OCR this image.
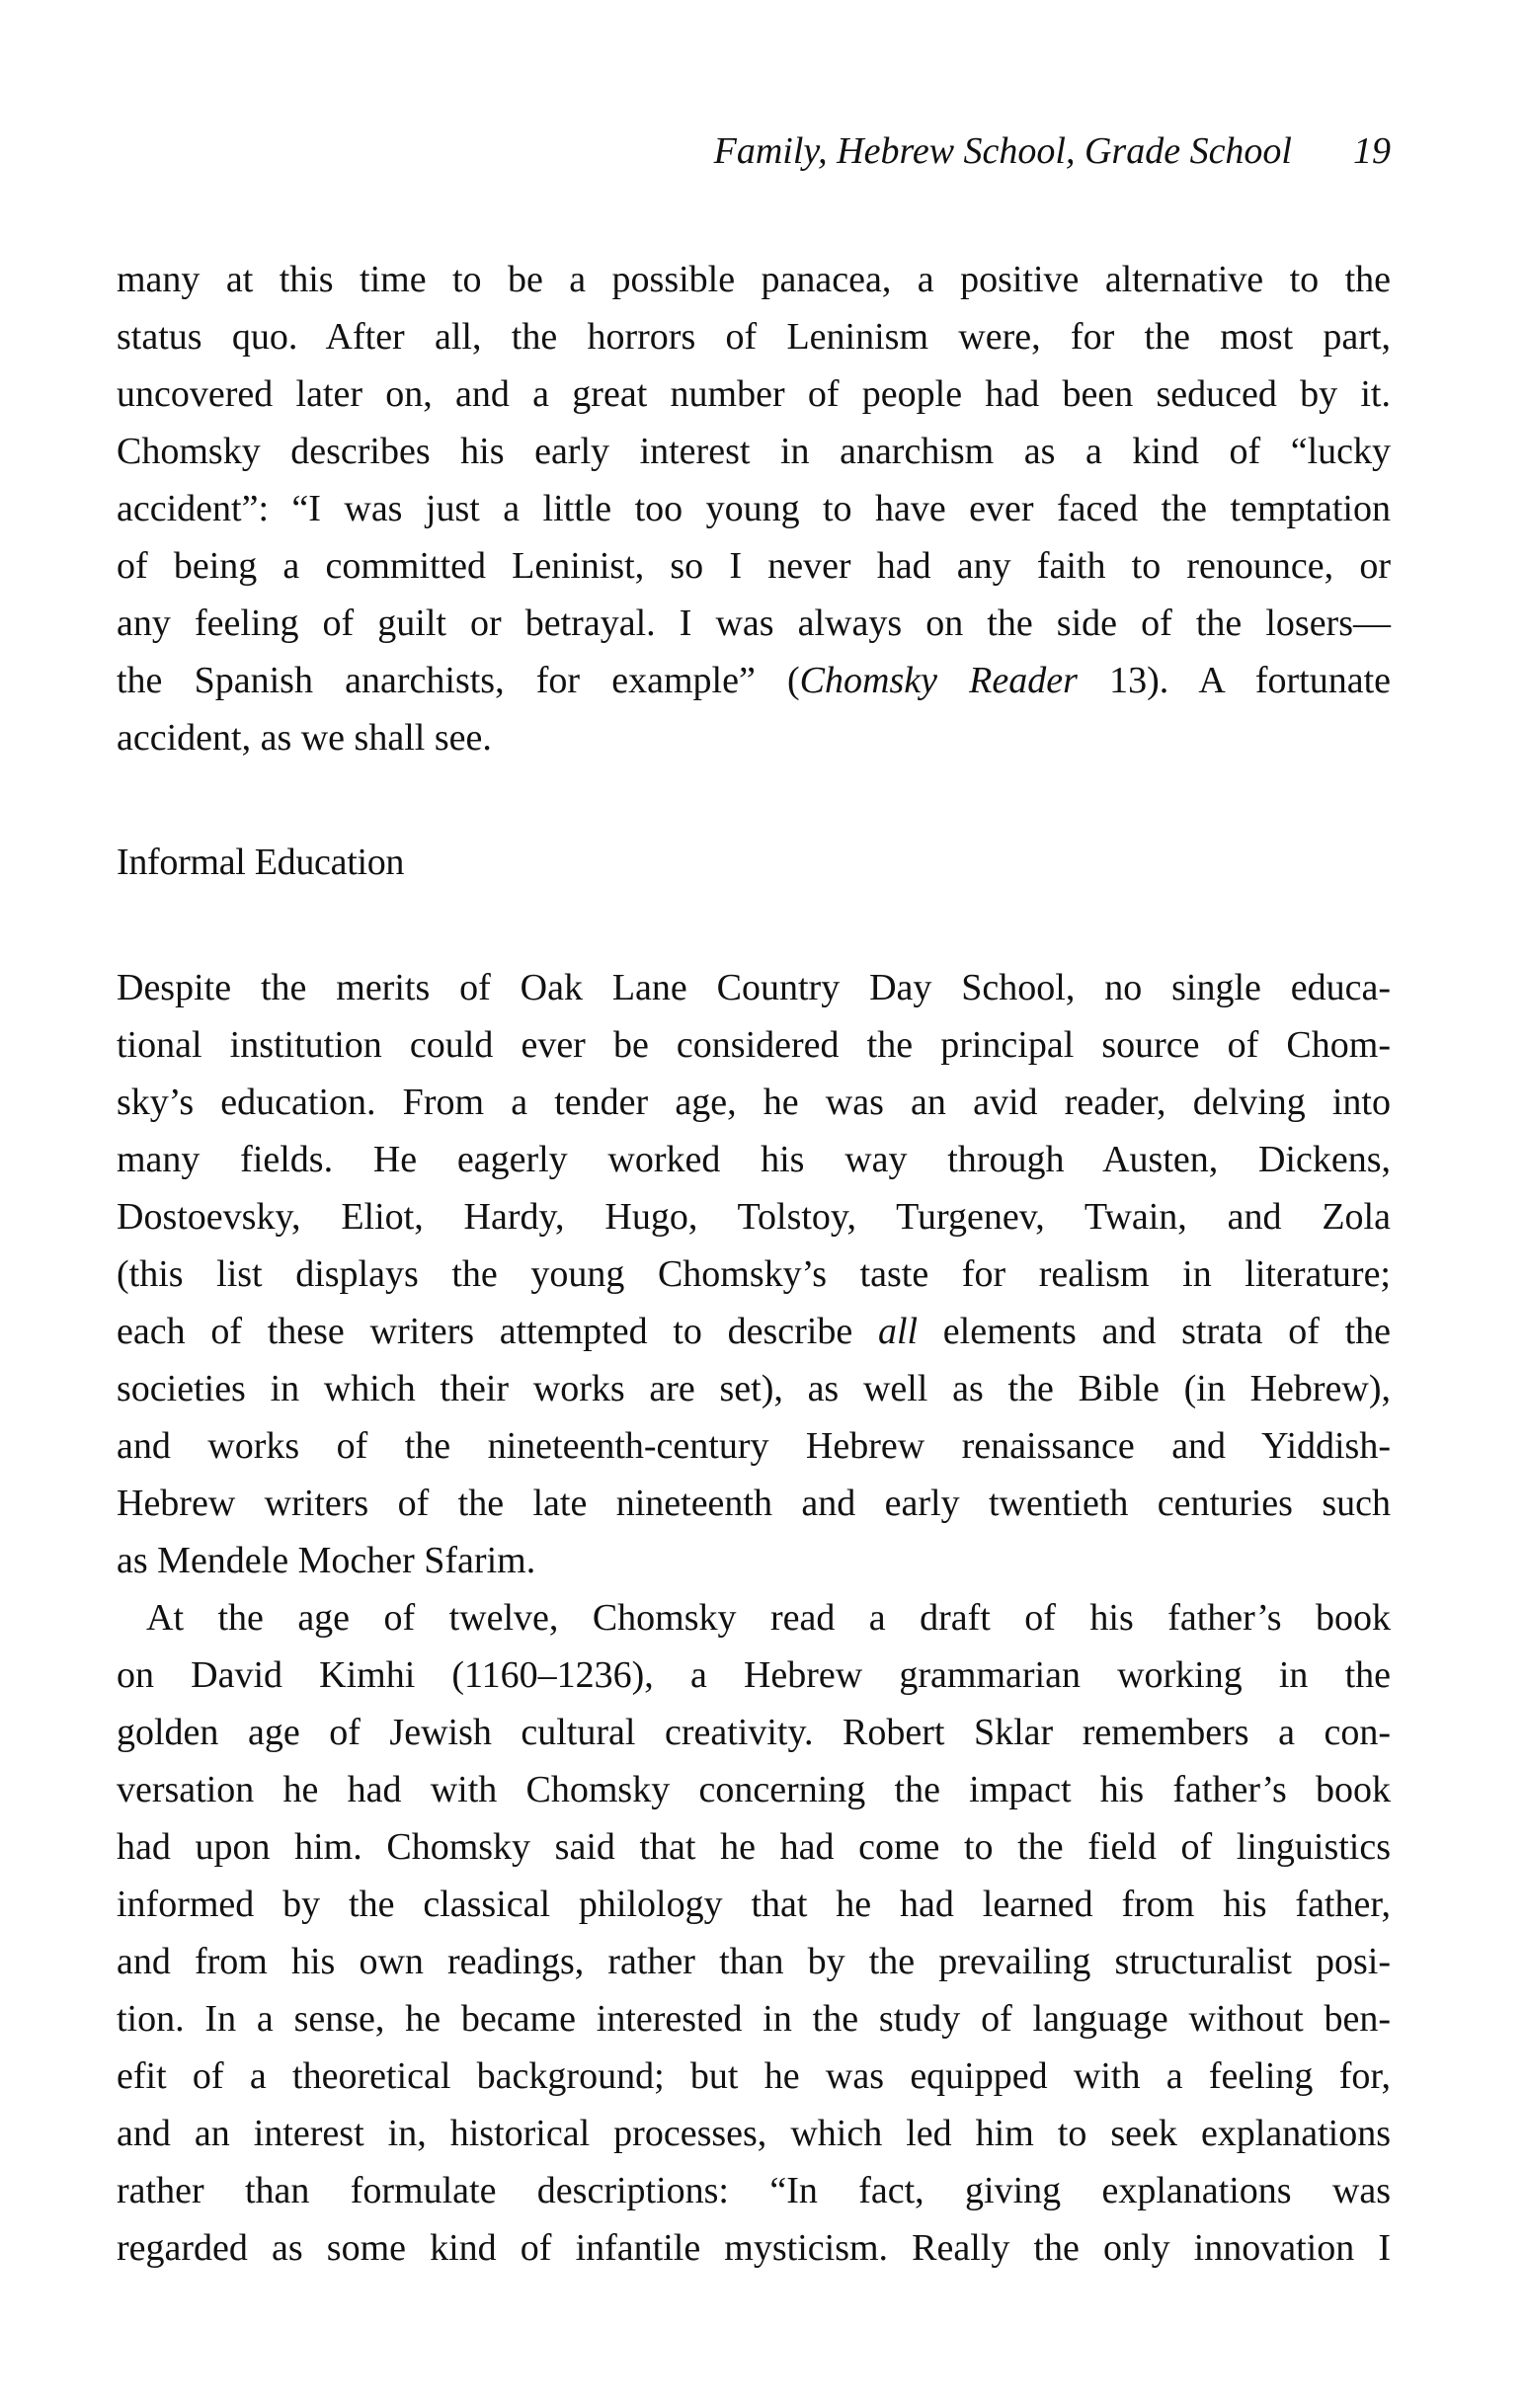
Family, Hebrew School, Grade School 19
many at this time to be a possible panacea, a positive alternative to the
status quo. After all, the horrors of Leninism were, for the most part,
uncovered later on, and a great number of people had been seduced by it.
Chomsky describes his early interest in anarchism as a kind of “lucky
accident”: “I was just a little too young to have ever faced the temptation
of being a committed Leninist, so I never had any faith to renounce, or
any feeling of guilt or betrayal. I was always on the side of the losers—
the Spanish anarchists, for example” (Chomsky Reader 13). A fortunate
accident, as we shall see.
Informal Education
Despite the merits of Oak Lane Country Day School, no single educa-
tional institution could ever be considered the principal source of Chom-
sky’s education. From a tender age, he was an avid reader, delving into
many fields. He eagerly worked his way through Austen, Dickens,
Dostoevsky, Eliot, Hardy, Hugo, Tolstoy, Turgenev, Twain, and Zola
(this list displays the young Chomsky’s taste for realism in literature;
each of these writers attempted to describe all elements and strata of the
societies in which their works are set), as well as the Bible (in Hebrew),
and works of the nineteenth-century Hebrew renaissance and Yiddish-
Hebrew writers of the late nineteenth and early twentieth centuries such
as Mendele Mocher Sfarim.
At the age of twelve, Chomsky read a draft of his father’s book
on David Kimhi (1160–1236), a Hebrew grammarian working in the
golden age of Jewish cultural creativity. Robert Sklar remembers a con-
versation he had with Chomsky concerning the impact his father’s book
had upon him. Chomsky said that he had come to the field of linguistics
informed by the classical philology that he had learned from his father,
and from his own readings, rather than by the prevailing structuralist posi-
tion. In a sense, he became interested in the study of language without ben-
efit of a theoretical background; but he was equipped with a feeling for,
and an interest in, historical processes, which led him to seek explanations
rather than formulate descriptions: “In fact, giving explanations was
regarded as some kind of infantile mysticism. Really the only innovation I
